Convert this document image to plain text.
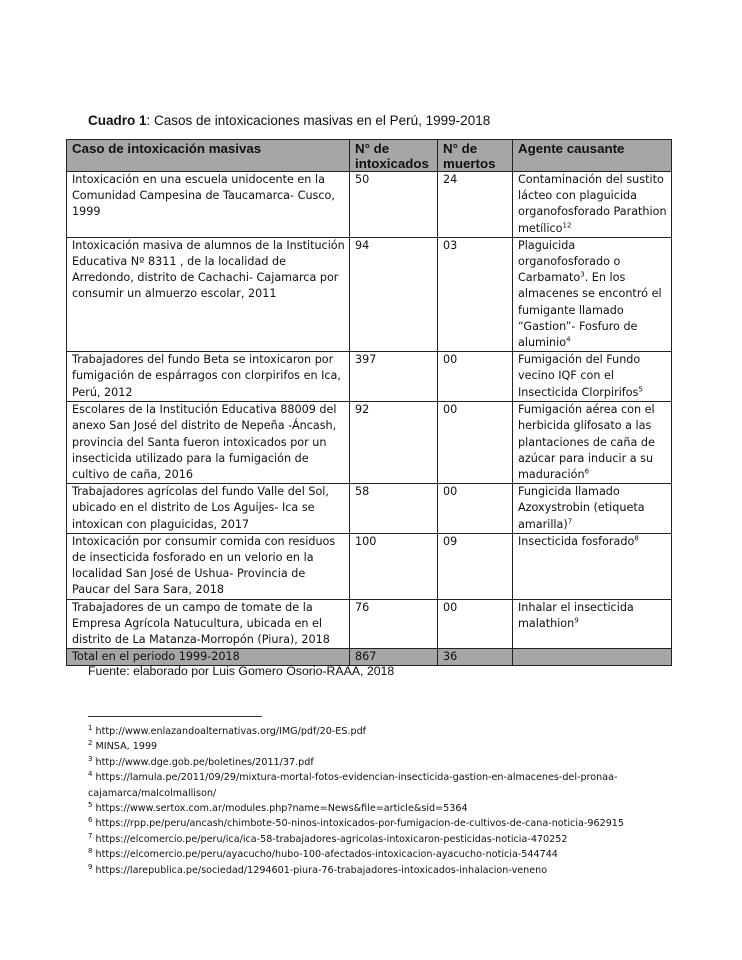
Cuadro 1: Casos de intoxicaciones masivas en el Perú, 1999-2018
Caso de intoxicación masivas	N° de intoxicados	N° de muertos	Agente causante
Intoxicación en una escuela unidocente en la Comunidad Campesina de Taucamarca- Cusco, 1999	50	24	Contaminación del sustito lácteo con plaguicida organofosforado Parathion metílico$^{12}$
Intoxicación masiva de alumnos de la Institución Educativa Nº 8311 , de la localidad de Arredondo, distrito de Cachachi- Cajamarca por consumir un almuerzo escolar, 2011	94	03	Plaguicida organofosforado o Carbamato$^3$. En los almacenes se encontró el fumigante llamado “Gastion”- Fosfuro de aluminio$^4$
Trabajadores del fundo Beta se intoxicaron por fumigación de espárragos con clorpirifos en Ica, Perú, 2012	397	00	Fumigación del Fundo vecino IQF con el Insecticida Clorpirifos$^5$
Escolares de la Institución Educativa 88009 del anexo San José del distrito de Nepeña -Áncash, provincia del Santa fueron intoxicados por un insecticida utilizado para la fumigación de cultivo de caña, 2016	92	00	Fumigación aérea con el herbicida glifosato a las plantaciones de caña de azúcar para inducir a su maduración$^6$
Trabajadores agrícolas del fundo Valle del Sol, ubicado en el distrito de Los Aguijes- Ica se intoxican con plaguicidas, 2017	58	00	Fungicida llamado Azoxystrobin (etiqueta amarilla)$^7$
Intoxicación por consumir comida con residuos de insecticida fosforado en un velorio en la localidad San José de Ushua- Provincia de Paucar del Sara Sara, 2018	100	09	Insecticida fosforado$^8$
Trabajadores de un campo de tomate de la Empresa Agrícola Natucultura, ubicada en el distrito de La Matanza-Morropón (Piura), 2018	76	00	Inhalar el insecticida malathion$^9$
Total en el periodo 1999-2018	867	36	
Fuente: elaborado por Luis Gomero Osorio-RAAA, 2018
$^1$ http://www.enlazandoalternativas.org/IMG/pdf/20-ES.pdf
$^2$ MINSA, 1999
$^3$ http://www.dge.gob.pe/boletines/2011/37.pdf
$^4$ https://lamula.pe/2011/09/29/mixtura-mortal-fotos-evidencian-insecticida-gastion-en-almacenes-del-pronaa-
cajamarca/malcolmallison/
$^5$ https://www.sertox.com.ar/modules.php?name=News&file=article&sid=5364
$^6$ https://rpp.pe/peru/ancash/chimbote-50-ninos-intoxicados-por-fumigacion-de-cultivos-de-cana-noticia-962915
$^7$ https://elcomercio.pe/peru/ica/ica-58-trabajadores-agricolas-intoxicaron-pesticidas-noticia-470252
$^8$ https://elcomercio.pe/peru/ayacucho/hubo-100-afectados-intoxicacion-ayacucho-noticia-544744
$^9$ https://larepublica.pe/sociedad/1294601-piura-76-trabajadores-intoxicados-inhalacion-veneno
